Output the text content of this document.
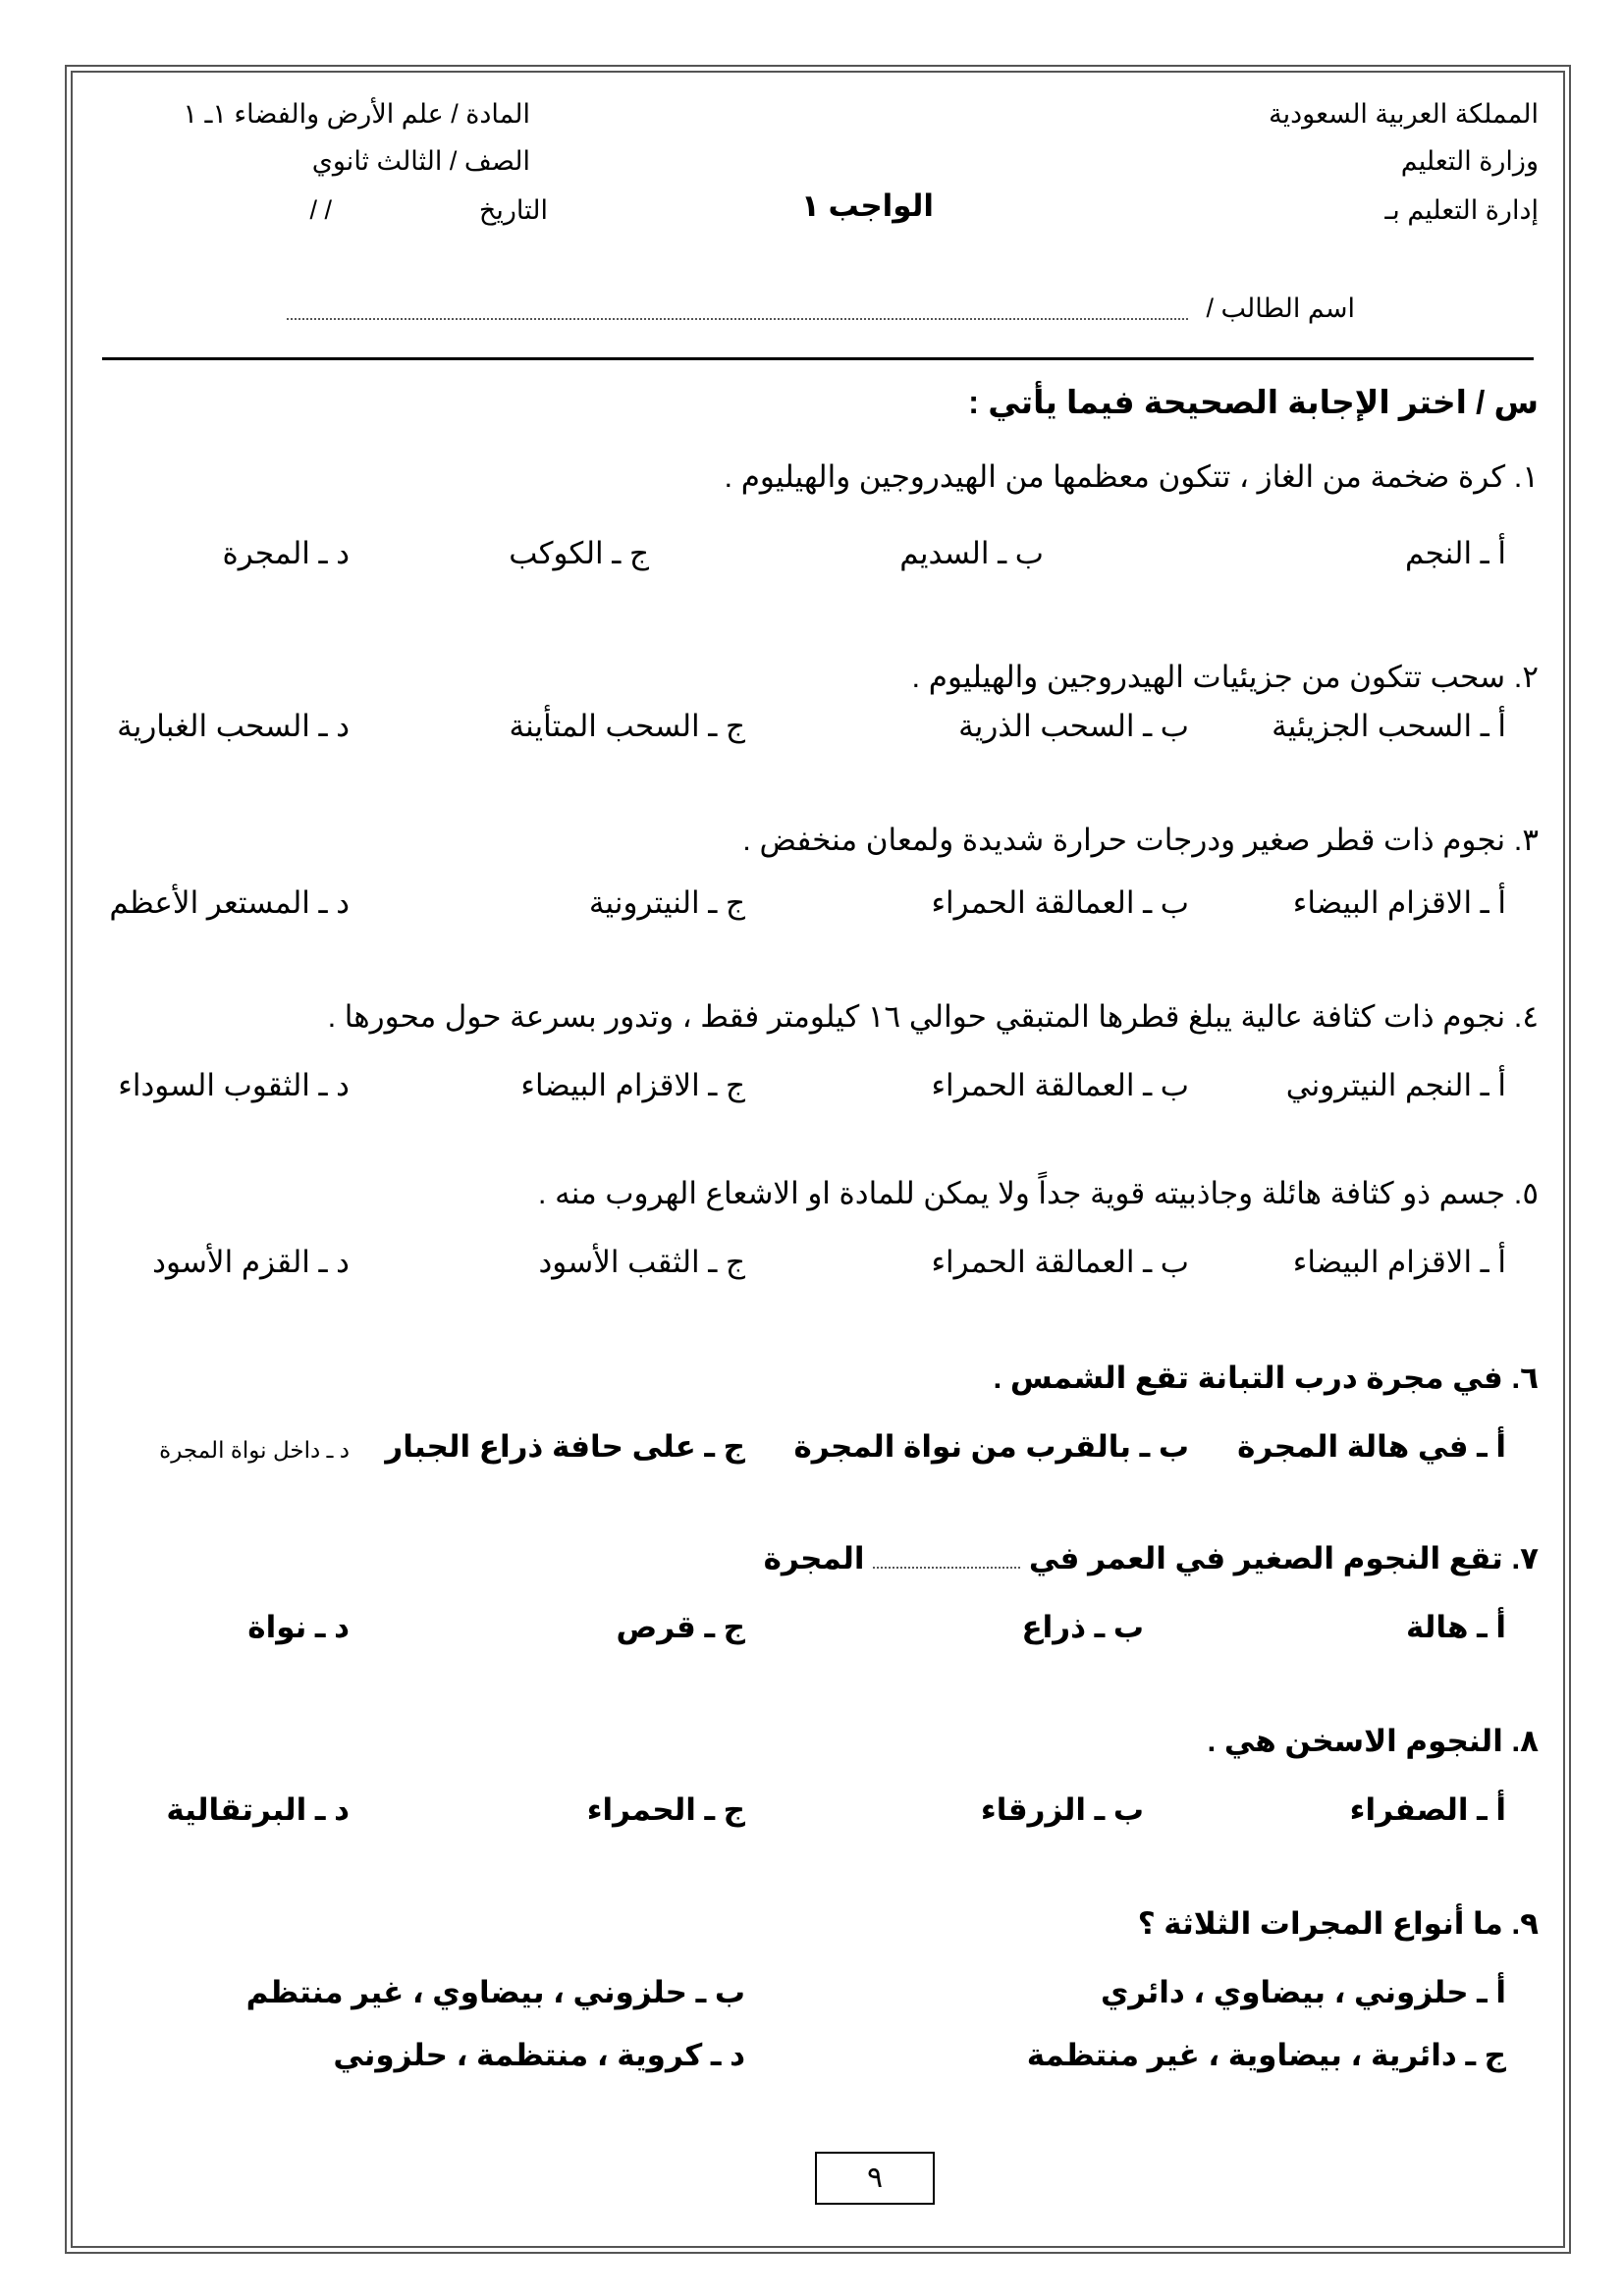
المملكة العربية السعودية
وزارة التعليم
إدارة التعليم بـ
المادة / علم الأرض والفضاء ١ـ ١
الصف / الثالث ثانوي
التاريخ
/ /	الواجب ١
اسم الطالب /
س / اختر الإجابة الصحيحة فيما يأتي :
١. كرة ضخمة من الغاز ، تتكون معظمها من الهيدروجين والهيليوم .
أ ـ النجم
ب ـ السديم
ج ـ الكوكب
د ـ المجرة
٢. سحب تتكون من جزيئيات الهيدروجين والهيليوم .
أ ـ السحب الجزيئية
ب ـ السحب الذرية
ج ـ السحب المتأينة
د ـ السحب الغبارية
٣. نجوم ذات قطر صغير ودرجات حرارة شديدة ولمعان منخفض .
أ ـ الاقزام البيضاء
ب ـ العمالقة الحمراء
ج ـ النيترونية
د ـ المستعر الأعظم
٤. نجوم ذات كثافة عالية يبلغ قطرها المتبقي حوالي ١٦ كيلومتر فقط ، وتدور بسرعة حول محورها .
أ ـ النجم النيتروني
ب ـ العمالقة الحمراء
ج ـ الاقزام البيضاء
د ـ الثقوب السوداء
٥. جسم ذو كثافة هائلة وجاذبيته قوية جداً ولا يمكن للمادة او الاشعاع الهروب منه .
أ ـ الاقزام البيضاء
ب ـ العمالقة الحمراء
ج ـ الثقب الأسود
د ـ القزم الأسود
٦. في مجرة درب التبانة تقع الشمس .
أ ـ في هالة المجرة
ب ـ بالقرب من نواة المجرة
ج ـ على حافة ذراع الجبار
د ـ داخل نواة المجرة
٧. تقع النجوم الصغير في العمر في  المجرة
أ ـ هالة
ب ـ ذراع
ج ـ قرص
د ـ نواة
٨. النجوم الاسخن هي .
أ ـ الصفراء
ب ـ الزرقاء
ج ـ الحمراء
د ـ البرتقالية
٩. ما أنواع المجرات الثلاثة ؟
أ ـ حلزوني ، بيضاوي ، دائري
ب ـ حلزوني ، بيضاوي ، غير منتظم
ج ـ دائرية ، بيضاوية ، غير منتظمة
د ـ كروية ، منتظمة ، حلزوني
٩
